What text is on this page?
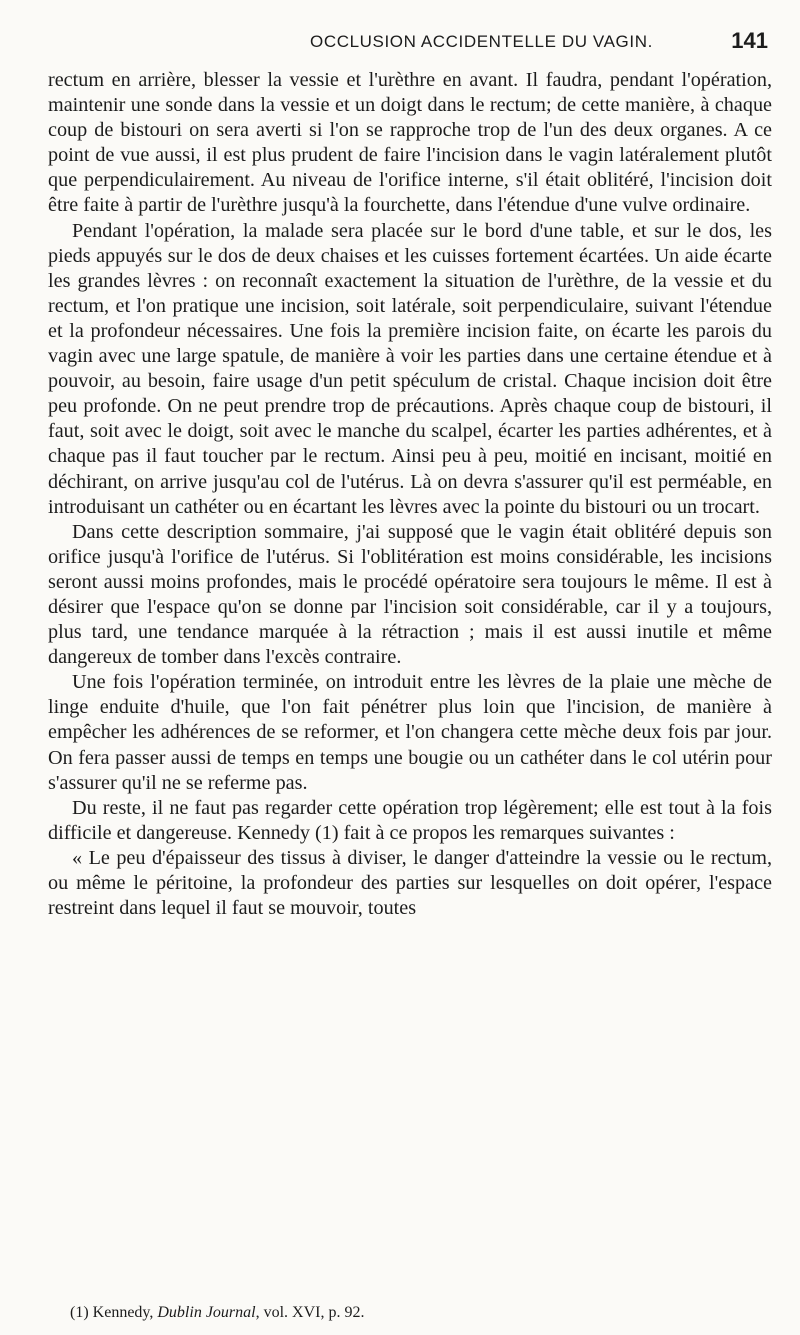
OCCLUSION ACCIDENTELLE DU VAGIN.	141

rectum en arrière, blesser la vessie et l'urèthre en avant. Il faudra, pendant l'opération, maintenir une sonde dans la vessie et un doigt dans le rectum; de cette manière, à chaque coup de bistouri on sera averti si l'on se rapproche trop de l'un des deux organes. A ce point de vue aussi, il est plus prudent de faire l'incision dans le vagin latéralement plutôt que perpendiculairement. Au niveau de l'orifice interne, s'il était oblitéré, l'incision doit être faite à partir de l'urèthre jusqu'à la fourchette, dans l'étendue d'une vulve ordinaire.

Pendant l'opération, la malade sera placée sur le bord d'une table, et sur le dos, les pieds appuyés sur le dos de deux chaises et les cuisses fortement écartées. Un aide écarte les grandes lèvres : on reconnaît exactement la situation de l'urèthre, de la vessie et du rectum, et l'on pratique une incision, soit latérale, soit perpendiculaire, suivant l'étendue et la profondeur nécessaires. Une fois la première incision faite, on écarte les parois du vagin avec une large spatule, de manière à voir les parties dans une certaine étendue et à pouvoir, au besoin, faire usage d'un petit spéculum de cristal. Chaque incision doit être peu profonde. On ne peut prendre trop de précautions. Après chaque coup de bistouri, il faut, soit avec le doigt, soit avec le manche du scalpel, écarter les parties adhérentes, et à chaque pas il faut toucher par le rectum. Ainsi peu à peu, moitié en incisant, moitié en déchirant, on arrive jusqu'au col de l'utérus. Là on devra s'assurer qu'il est perméable, en introduisant un cathéter ou en écartant les lèvres avec la pointe du bistouri ou un trocart.

Dans cette description sommaire, j'ai supposé que le vagin était oblitéré depuis son orifice jusqu'à l'orifice de l'utérus. Si l'oblitération est moins considérable, les incisions seront aussi moins profondes, mais le procédé opératoire sera toujours le même. Il est à désirer que l'espace qu'on se donne par l'incision soit considérable, car il y a toujours, plus tard, une tendance marquée à la rétraction ; mais il est aussi inutile et même dangereux de tomber dans l'excès contraire.

Une fois l'opération terminée, on introduit entre les lèvres de la plaie une mèche de linge enduite d'huile, que l'on fait pénétrer plus loin que l'incision, de manière à empêcher les adhérences de se reformer, et l'on changera cette mèche deux fois par jour. On fera passer aussi de temps en temps une bougie ou un cathéter dans le col utérin pour s'assurer qu'il ne se referme pas.

Du reste, il ne faut pas regarder cette opération trop légèrement; elle est tout à la fois difficile et dangereuse. Kennedy (1) fait à ce propos les remarques suivantes :

« Le peu d'épaisseur des tissus à diviser, le danger d'atteindre la vessie ou le rectum, ou même le péritoine, la profondeur des parties sur lesquelles on doit opérer, l'espace restreint dans lequel il faut se mouvoir, toutes

(1) Kennedy, Dublin Journal, vol. XVI, p. 92.
